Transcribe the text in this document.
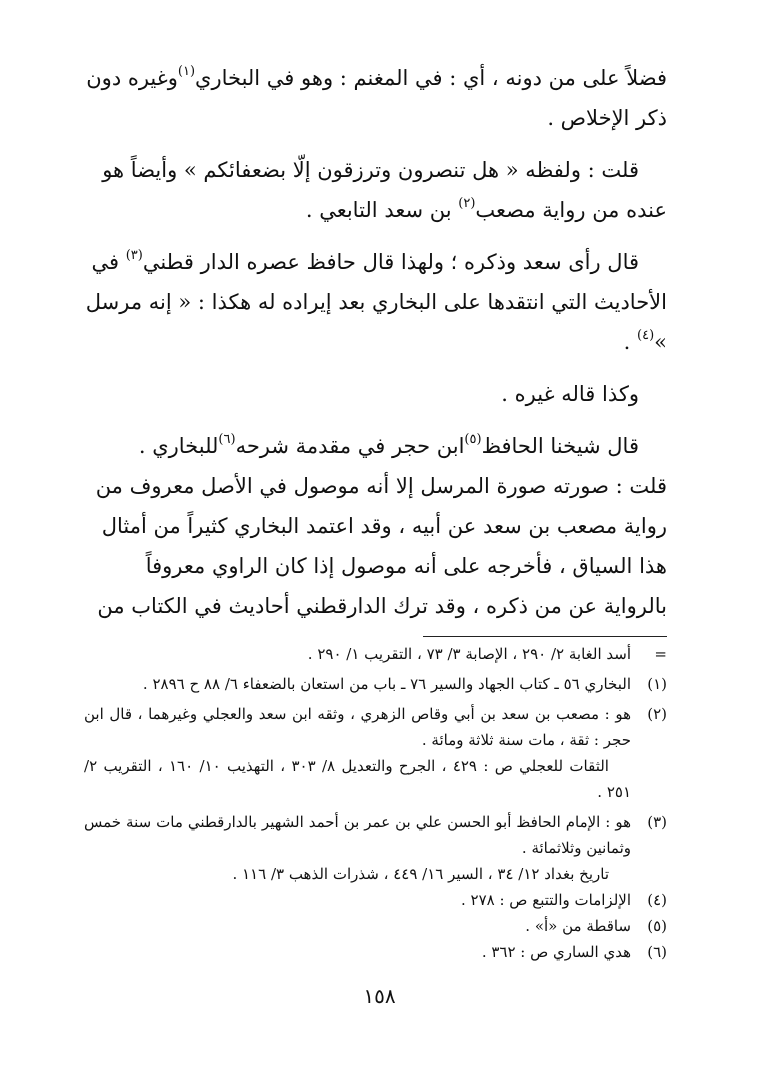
فضلاً على من دونه ، أي : في المغنم : وهو في البخاري$^{(١)}$وغيره دون ذكر الإخلاص .

قلت : ولفظه « هل تنصرون وترزقون إلّا بضعفائكم » وأيضاً هو عنده من رواية مصعب$^{(٢)}$ بن سعد التابعي .

قال رأى سعد وذكره ؛ ولهذا قال حافظ عصره الدار قطني$^{(٣)}$ في الأحاديث التي انتقدها على البخاري بعد إيراده له هكذا : « إنه مرسل »$^{(٤)}$ .

وكذا قاله غيره .

قال شيخنا الحافظ$^{(٥)}$ابن حجر في مقدمة شرحه$^{(٦)}$للبخاري .

قلت : صورته صورة المرسل إلا أنه موصول في الأصل معروف من رواية مصعب بن سعد عن أبيه ، وقد اعتمد البخاري كثيراً من أمثال هذا السياق ، فأخرجه على أنه موصول إذا كان الراوي معروفاً بالرواية عن من ذكره ، وقد ترك الدارقطني أحاديث في الكتاب من

=
أسد الغابة ٢/ ٢٩٠ ، الإصابة ٣/ ٧٣ ، التقريب ١/ ٢٩٠ .
(١)
البخاري ٥٦ ـ كتاب الجهاد والسير ٧٦ ـ باب من استعان بالضعفاء ٦/ ٨٨ ح ٢٨٩٦ .
(٢)
هو : مصعب بن سعد بن أبي وقاص الزهري ، وثقه ابن سعد والعجلي وغيرهما ، قال ابن حجر : ثقة ، مات سنة ثلاثة ومائة .
الثقات للعجلي ص : ٤٢٩ ، الجرح والتعديل ٨/ ٣٠٣ ، التهذيب ١٠/ ١٦٠ ، التقريب ٢/ ٢٥١ .
(٣)
هو : الإمام الحافظ أبو الحسن علي بن عمر بن أحمد الشهير بالدارقطني مات سنة خمس وثمانين وثلاثمائة .
تاريخ بغداد ١٢/ ٣٤ ، السير ١٦/ ٤٤٩ ، شذرات الذهب ٣/ ١١٦ .
(٤)
الإلزامات والتتبع ص : ٢٧٨ .
(٥)
ساقطة من «أ» .
(٦)
هدي الساري ص : ٣٦٢ .
١٥٨
